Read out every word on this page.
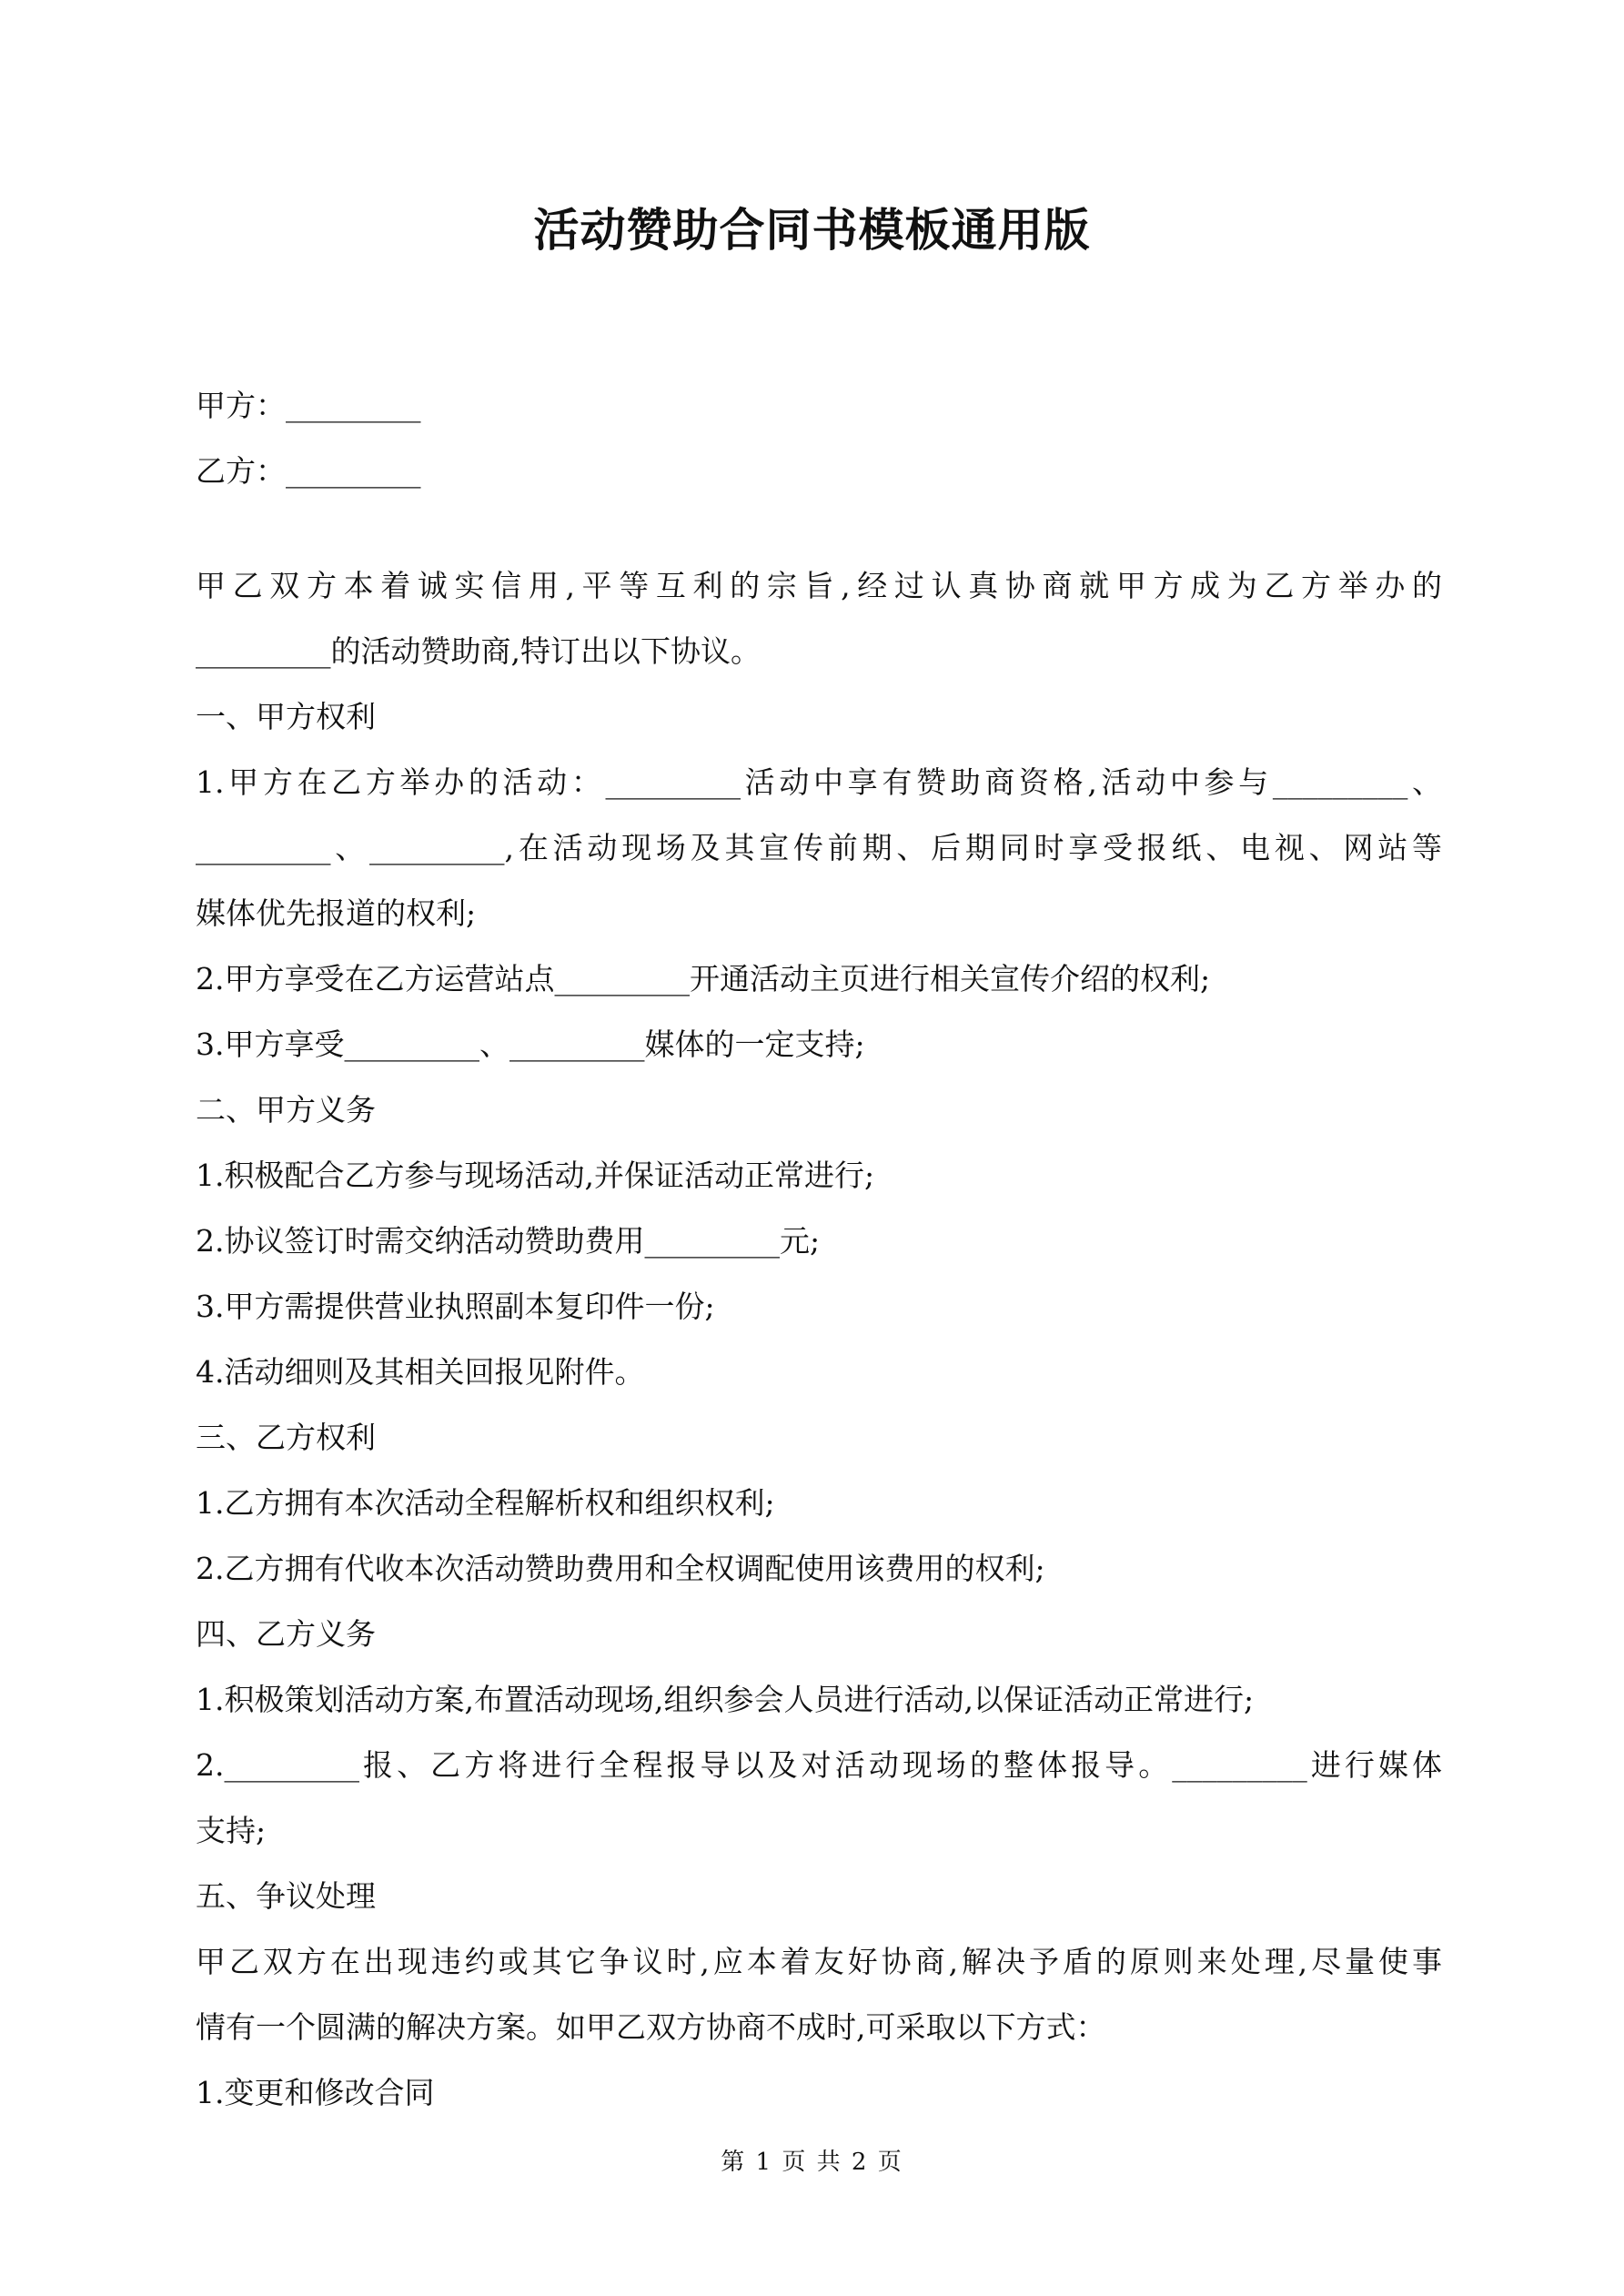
活动赞助合同书模板通用版

甲方：_________

乙方：_________

甲乙双方本着诚实信用,平等互利的宗旨,经过认真协商就甲方成为乙方举办的

_________的活动赞助商,特订出以下协议。

一、甲方权利

1.甲方在乙方举办的活动：_________活动中享有赞助商资格,活动中参与_________、

_________、_________,在活动现场及其宣传前期、后期同时享受报纸、电视、网站等

媒体优先报道的权利;

2.甲方享受在乙方运营站点_________开通活动主页进行相关宣传介绍的权利;

3.甲方享受_________、_________媒体的一定支持;

二、甲方义务

1.积极配合乙方参与现场活动,并保证活动正常进行;

2.协议签订时需交纳活动赞助费用_________元;

3.甲方需提供营业执照副本复印件一份;

4.活动细则及其相关回报见附件。

三、乙方权利

1.乙方拥有本次活动全程解析权和组织权利;

2.乙方拥有代收本次活动赞助费用和全权调配使用该费用的权利;

四、乙方义务

1.积极策划活动方案,布置活动现场,组织参会人员进行活动,以保证活动正常进行;

2._________报、乙方将进行全程报导以及对活动现场的整体报导。_________进行媒体

支持;

五、争议处理

甲乙双方在出现违约或其它争议时,应本着友好协商,解决予盾的原则来处理,尽量使事

情有一个圆满的解决方案。如甲乙双方协商不成时,可采取以下方式：

1.变更和修改合同

第 1 页 共 2 页
